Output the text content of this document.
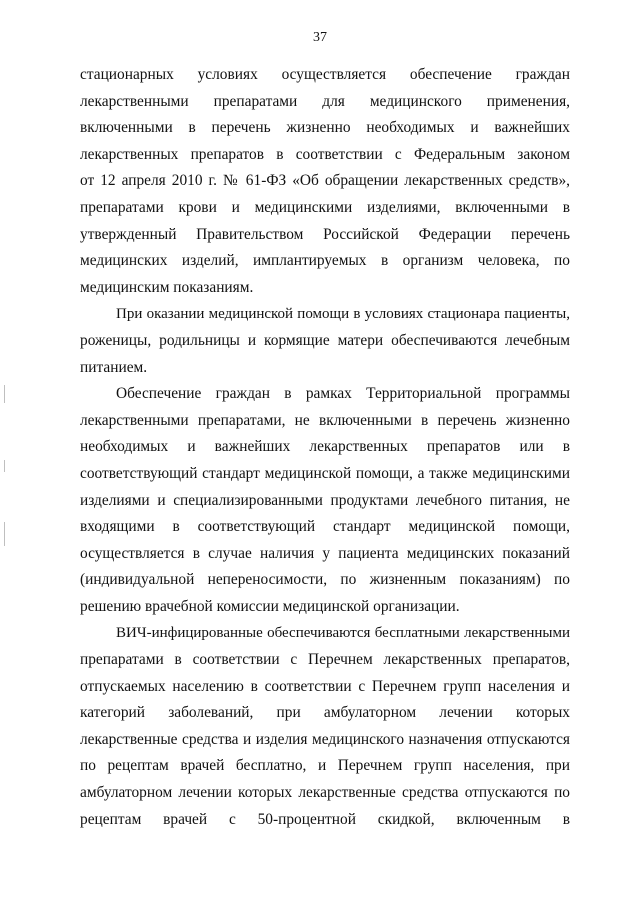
37
стационарных условиях осуществляется обеспечение граждан
лекарственными препаратами для медицинского применения,
включенными в перечень жизненно необходимых и важнейших
лекарственных препаратов в соответствии с Федеральным законом
от 12 апреля 2010 г. № 61-ФЗ «Об обращении лекарственных средств»,
препаратами крови и медицинскими изделиями, включенными в
утвержденный Правительством Российской Федерации перечень
медицинских изделий, имплантируемых в организм человека, по
медицинским показаниям.
При оказании медицинской помощи в условиях стационара пациенты,
роженицы, родильницы и кормящие матери обеспечиваются лечебным
питанием.
Обеспечение граждан в рамках Территориальной программы
лекарственными препаратами, не включенными в перечень жизненно
необходимых и важнейших лекарственных препаратов или в
соответствующий стандарт медицинской помощи, а также медицинскими
изделиями и специализированными продуктами лечебного питания, не
входящими в соответствующий стандарт медицинской помощи,
осуществляется в случае наличия у пациента медицинских показаний
(индивидуальной непереносимости, по жизненным показаниям) по
решению врачебной комиссии медицинской организации.
ВИЧ-инфицированные обеспечиваются бесплатными лекарственными
препаратами в соответствии с Перечнем лекарственных препаратов,
отпускаемых населению в соответствии с Перечнем групп населения и
категорий заболеваний, при амбулаторном лечении которых
лекарственные средства и изделия медицинского назначения отпускаются
по рецептам врачей бесплатно, и Перечнем групп населения, при
амбулаторном лечении которых лекарственные средства отпускаются по
рецептам врачей с 50-процентной скидкой, включенным в
